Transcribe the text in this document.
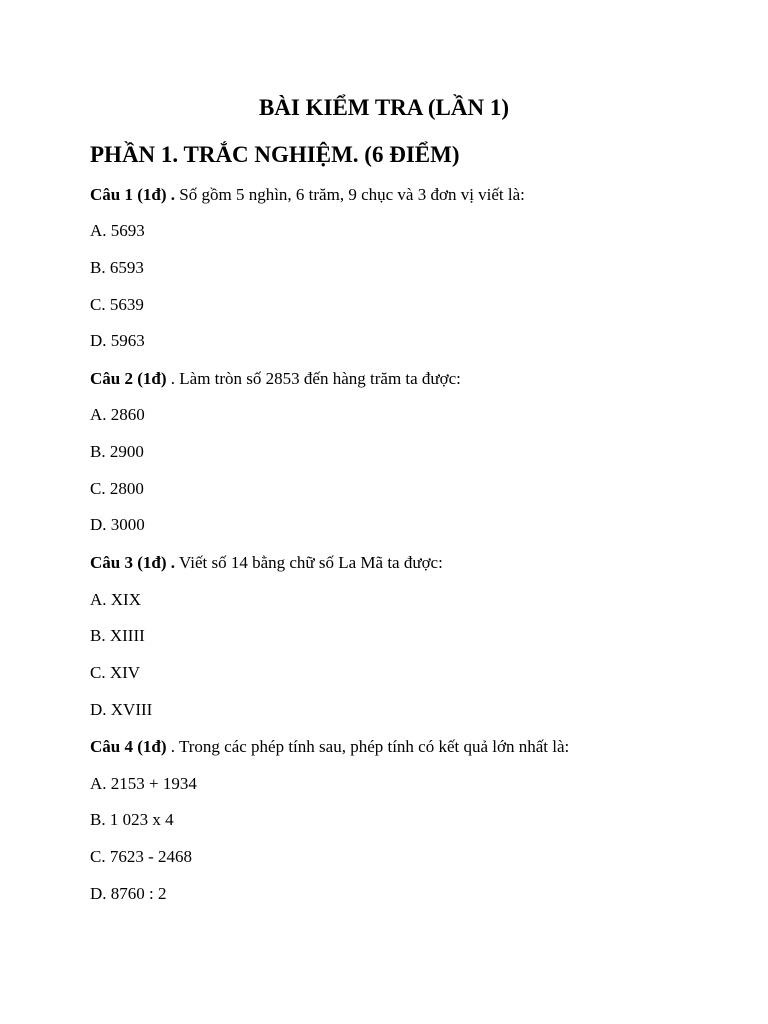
BÀI KIỂM TRA (LẦN 1)
PHẦN 1. TRẮC NGHIỆM. (6 ĐIỂM)

Câu 1 (1đ) . Số gồm 5 nghìn, 6 trăm, 9 chục và 3 đơn vị viết là:

A. 5693

B. 6593

C. 5639

D. 5963

Câu 2 (1đ) . Làm tròn số 2853 đến hàng trăm ta được:

A. 2860

B. 2900

C. 2800

D. 3000

Câu 3 (1đ) . Viết số 14 bằng chữ số La Mã ta được:

A. XIX

B. XIIII

C. XIV

D. XVIII

Câu 4 (1đ) . Trong các phép tính sau, phép tính có kết quả lớn nhất là:

A. 2153 + 1934

B. 1 023 x 4

C. 7623 - 2468

D. 8760 : 2
